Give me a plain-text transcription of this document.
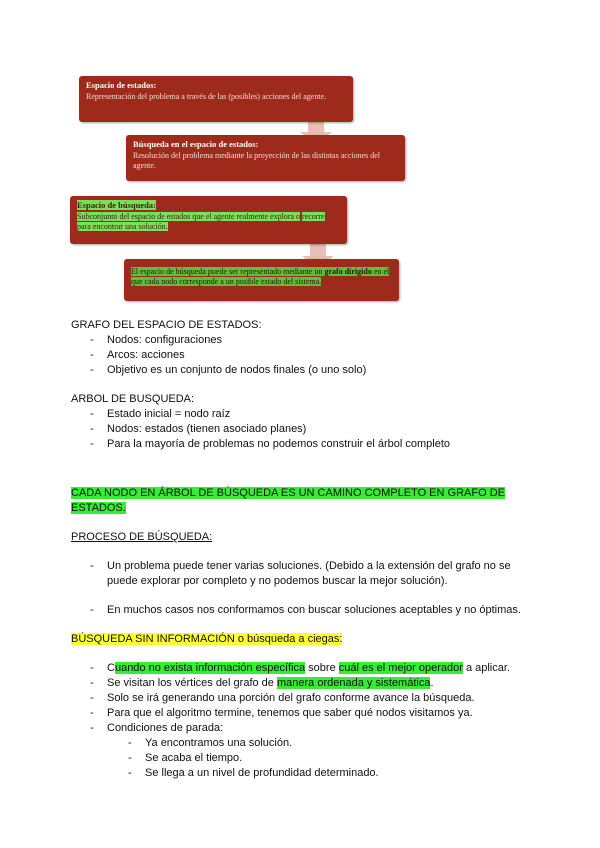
Espacio de estados:
Representación del problema a través de las (posibles) acciones del agente.
Búsqueda en el espacio de estados:
Resolución del problema mediante la proyección de las distintas acciones del agente.
Espacio de búsqueda:
Subconjunto del espacio de estados que el agente realmente explora o recorre para encontrar una solución.
El espacio de búsqueda puede ser representado mediante un grafo dirigido en el que cada nodo corresponde a un posible estado del sistema.

GRAFO DEL ESPACIO DE ESTADOS:

- Nodos: configuraciones
- Arcos: acciones
- Objetivo es un conjunto de nodos finales (o uno solo)

ARBOL DE BUSQUEDA:

- Estado inicial = nodo raíz
- Nodos: estados (tienen asociado planes)
- Para la mayoría de problemas no podemos construir el árbol completo

CADA NODO EN ÁRBOL DE BÚSQUEDA ES UN CAMINO COMPLETO EN GRAFO DE ESTADOS.

PROCESO DE BÚSQUEDA:

- Un problema puede tener varias soluciones. (Debido a la extensión del grafo no se puede explorar por completo y no podemos buscar la mejor solución).
- En muchos casos nos conformamos con buscar soluciones aceptables y no óptimas.

BÚSQUEDA SIN INFORMACIÓN o búsqueda a ciegas:

- Cuando no exista información específica sobre cuál es el mejor operador a aplicar.
- Se visitan los vértices del grafo de manera ordenada y sistemática.
- Solo se irá generando una porción del grafo conforme avance la búsqueda.
- Para que el algoritmo termine, tenemos que saber qué nodos visitamos ya.
- Condiciones de parada:
- Ya encontramos una solución.
- Se acaba el tiempo.
- Se llega a un nivel de profundidad determinado.
